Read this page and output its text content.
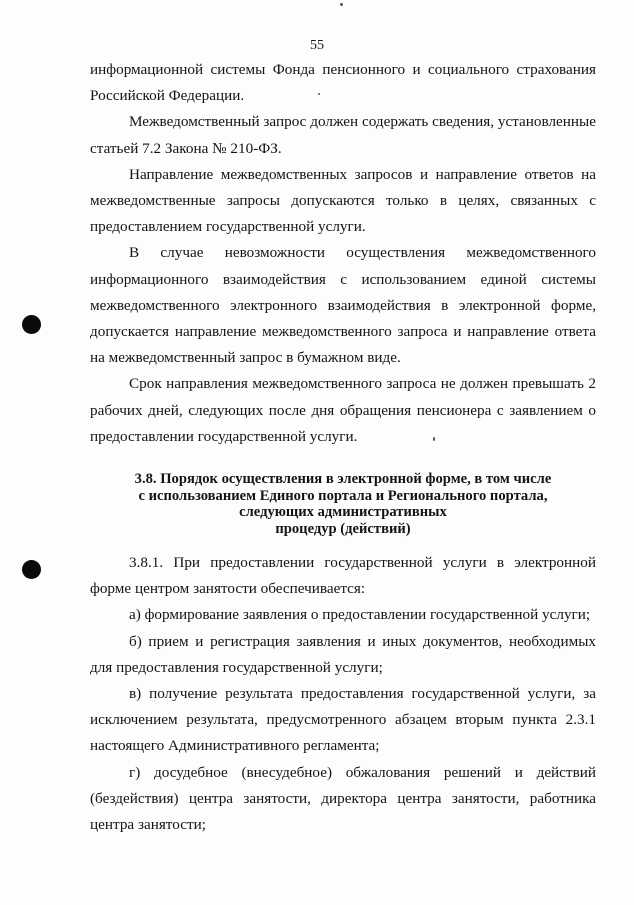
55

информационной системы Фонда пенсионного и социального страхования Российской Федерации.

Межведомственный запрос должен содержать сведения, установленные статьей 7.2 Закона № 210-ФЗ.

Направление межведомственных запросов и направление ответов на межведомственные запросы допускаются только в целях, связанных с предоставлением государственной услуги.

В случае невозможности осуществления межведомственного информационного взаимодействия с использованием единой системы межведомственного электронного взаимодействия в электронной форме, допускается направление межведомственного запроса и направление ответа на межведомственный запрос в бумажном виде.

Срок направления межведомственного запроса не должен превышать 2 рабочих дней, следующих после дня обращения пенсионера с заявлением о предоставлении государственной услуги.

3.8. Порядок осуществления в электронной форме, в том числе
с использованием Единого портала и Регионального портала,
следующих административных
процедур (действий)

3.8.1. При предоставлении государственной услуги в электронной форме центром занятости обеспечивается:

а) формирование заявления о предоставлении государственной услуги;

б) прием и регистрация заявления и иных документов, необходимых для предоставления государственной услуги;

в) получение результата предоставления государственной услуги, за исключением результата, предусмотренного абзацем вторым пункта 2.3.1 настоящего Административного регламента;

г) досудебное (внесудебное) обжалования решений и действий (бездействия) центра занятости, директора центра занятости, работника центра занятости;
